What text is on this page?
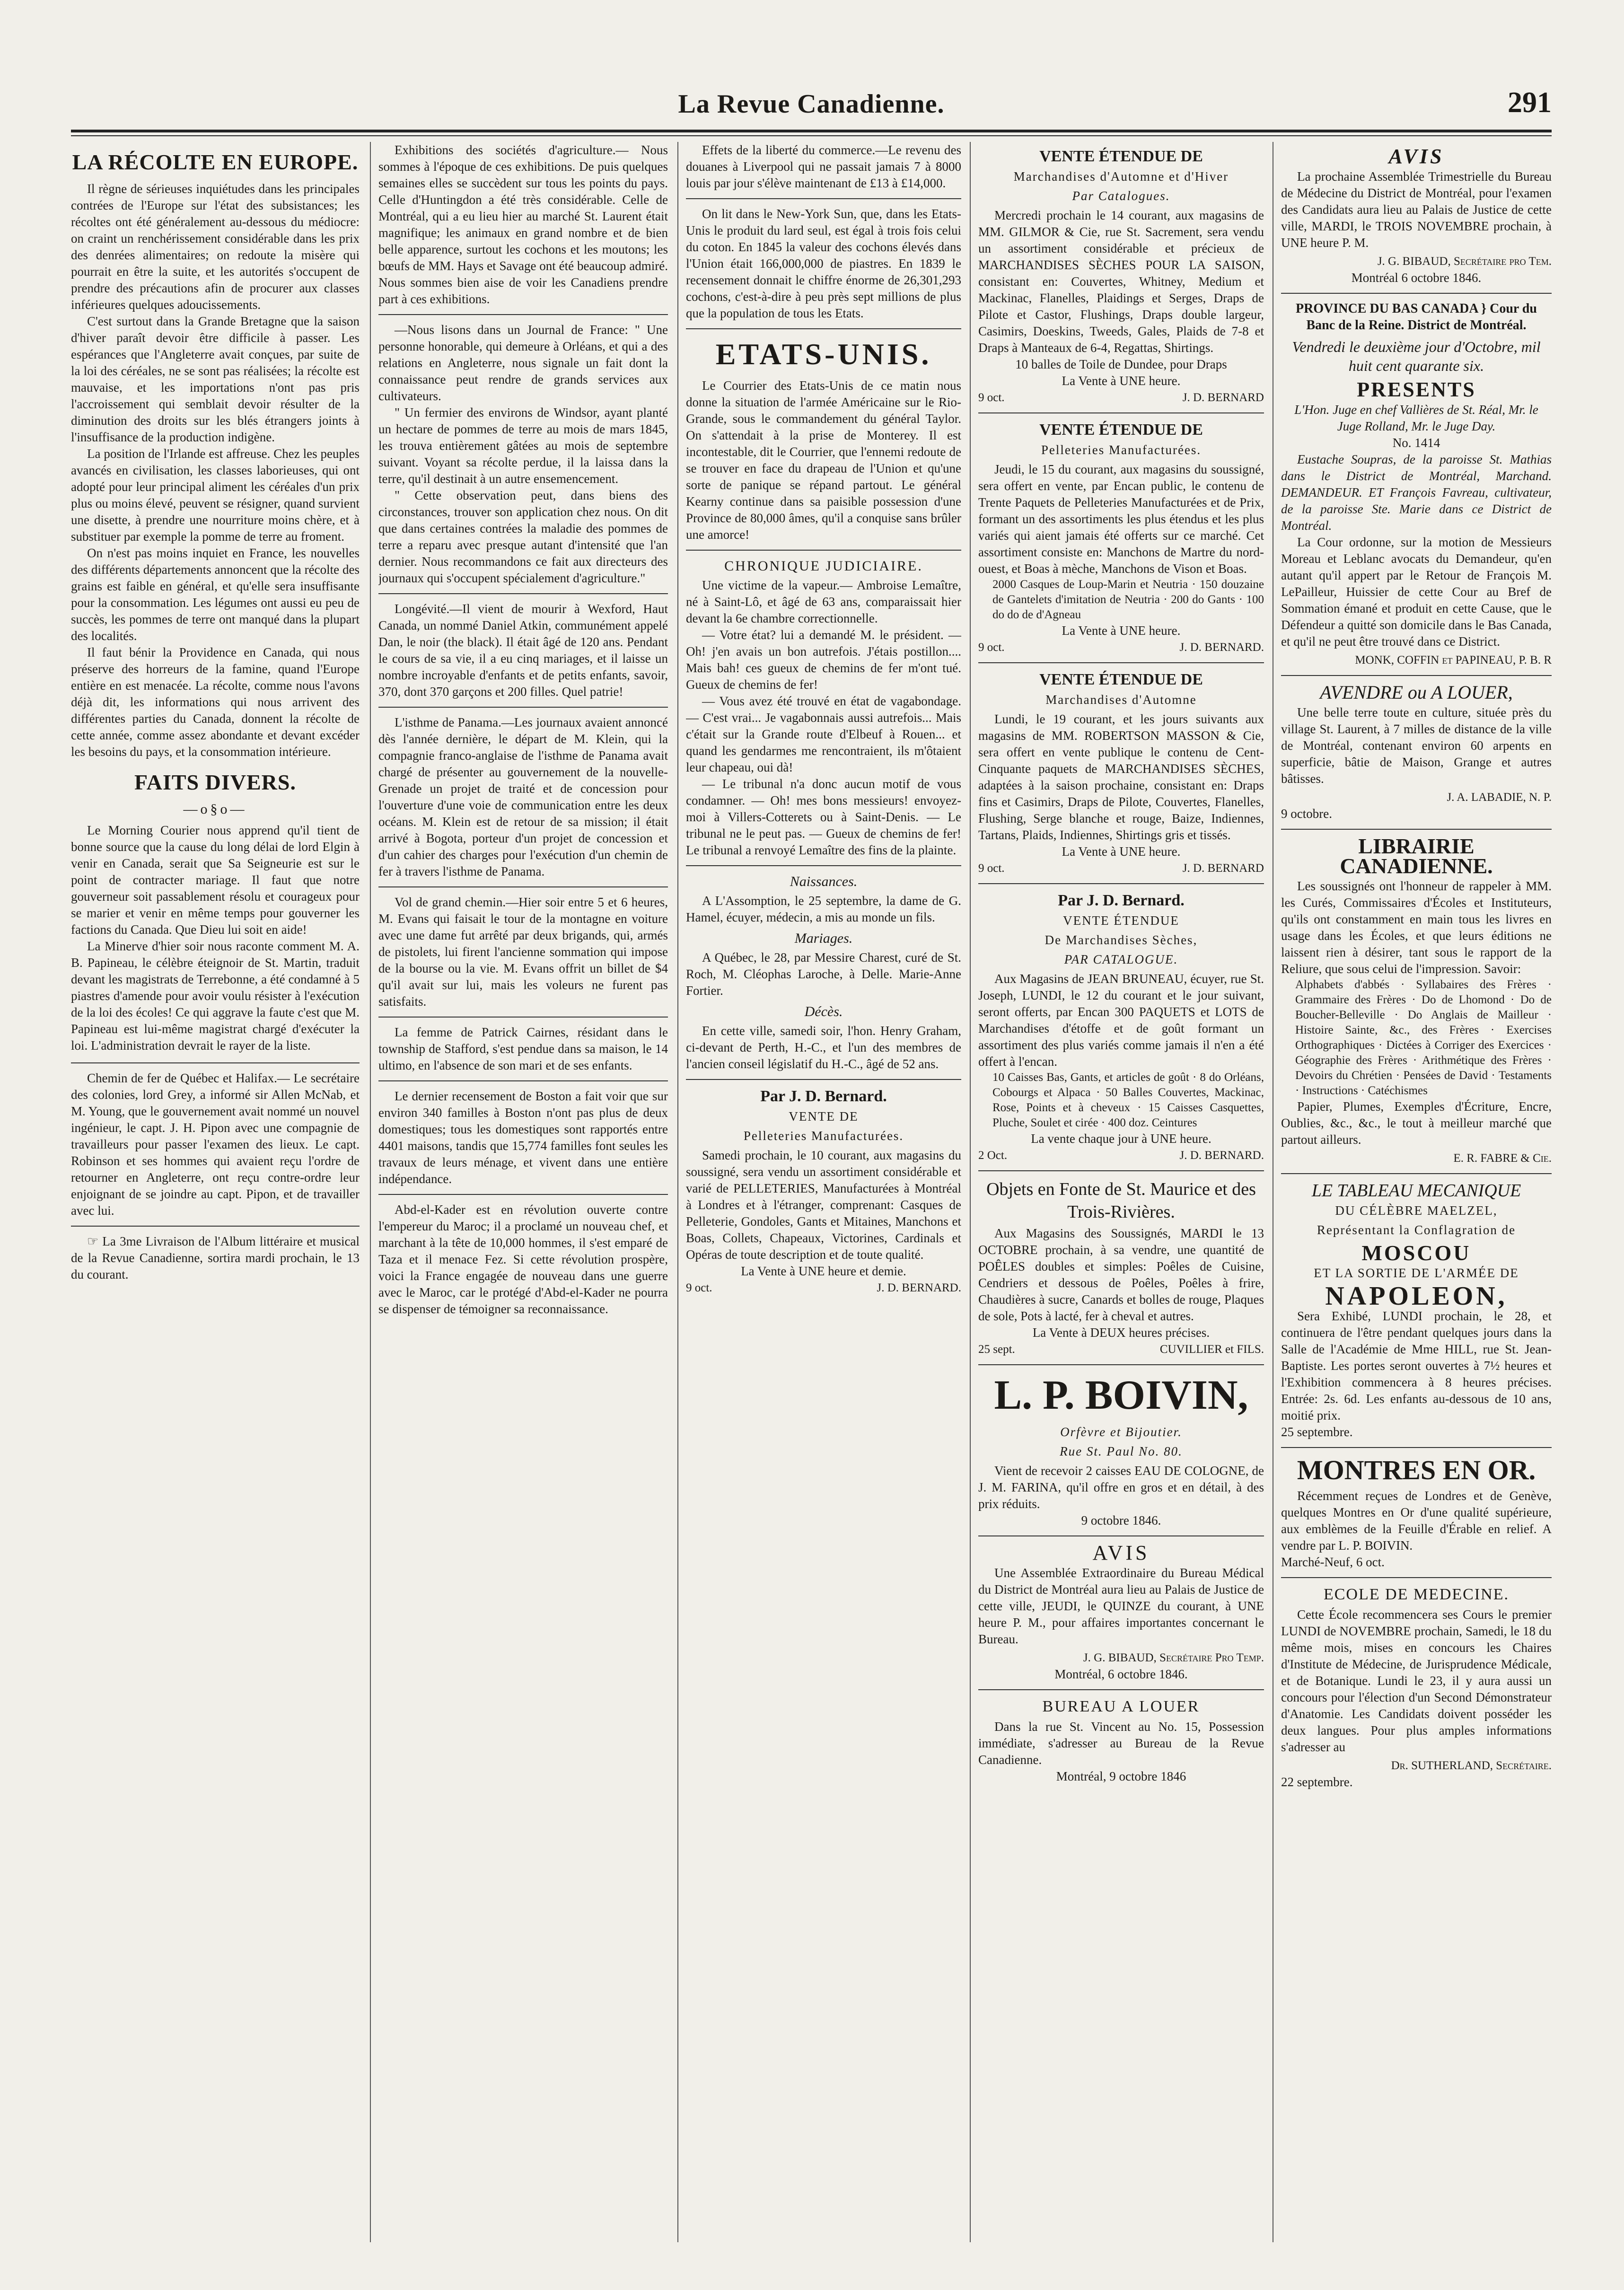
La Revue Canadienne.	291
LA RÉCOLTE EN EUROPE.

Il règne de sérieuses inquiétudes dans les principales contrées de l'Europe sur l'état des subsistances; les récoltes ont été généralement au-dessous du médiocre: on craint un renchérissement considérable dans les prix des denrées alimentaires; on redoute la misère qui pourrait en être la suite, et les autorités s'occupent de prendre des précautions afin de procurer aux classes inférieures quelques adoucissements.

C'est surtout dans la Grande Bretagne que la saison d'hiver paraît devoir être difficile à passer. Les espérances que l'Angleterre avait conçues, par suite de la loi des céréales, ne se sont pas réalisées; la récolte est mauvaise, et les importations n'ont pas pris l'accroissement qui semblait devoir résulter de la diminution des droits sur les blés étrangers joints à l'insuffisance de la production indigène.

La position de l'Irlande est affreuse. Chez les peuples avancés en civilisation, les classes laborieuses, qui ont adopté pour leur principal aliment les céréales d'un prix plus ou moins élevé, peuvent se résigner, quand survient une disette, à prendre une nourriture moins chère, et à substituer par exemple la pomme de terre au froment.

On n'est pas moins inquiet en France, les nouvelles des différents départements annoncent que la récolte des grains est faible en général, et qu'elle sera insuffisante pour la consommation. Les légumes ont aussi eu peu de succès, les pommes de terre ont manqué dans la plupart des localités.

Il faut bénir la Providence en Canada, qui nous préserve des horreurs de la famine, quand l'Europe entière en est menacée. La récolte, comme nous l'avons déjà dit, les informations qui nous arrivent des différentes parties du Canada, donnent la récolte de cette année, comme assez abondante et devant excéder les besoins du pays, et la consommation intérieure.

FAITS DIVERS.
—o§o—

Le Morning Courier nous apprend qu'il tient de bonne source que la cause du long délai de lord Elgin à venir en Canada, serait que Sa Seigneurie est sur le point de contracter mariage. Il faut que notre gouverneur soit passablement résolu et courageux pour se marier et venir en même temps pour gouverner les factions du Canada. Que Dieu lui soit en aide!

La Minerve d'hier soir nous raconte comment M. A. B. Papineau, le célèbre éteignoir de St. Martin, traduit devant les magistrats de Terrebonne, a été condamné à 5 piastres d'amende pour avoir voulu résister à l'exécution de la loi des écoles! Ce qui aggrave la faute c'est que M. Papineau est lui-même magistrat chargé d'exécuter la loi. L'administration devrait le rayer de la liste.

Chemin de fer de Québec et Halifax.— Le secrétaire des colonies, lord Grey, a informé sir Allen McNab, et M. Young, que le gouvernement avait nommé un nouvel ingénieur, le capt. J. H. Pipon avec une compagnie de travailleurs pour passer l'examen des lieux. Le capt. Robinson et ses hommes qui avaient reçu l'ordre de retourner en Angleterre, ont reçu contre-ordre leur enjoignant de se joindre au capt. Pipon, et de travailler avec lui.

☞ La 3me Livraison de l'Album littéraire et musical de la Revue Canadienne, sortira mardi prochain, le 13 du courant.

Exhibitions des sociétés d'agriculture.— Nous sommes à l'époque de ces exhibitions. De puis quelques semaines elles se succèdent sur tous les points du pays. Celle d'Huntingdon a été très considérable. Celle de Montréal, qui a eu lieu hier au marché St. Laurent était magnifique; les animaux en grand nombre et de bien belle apparence, surtout les cochons et les moutons; les bœufs de MM. Hays et Savage ont été beaucoup admiré. Nous sommes bien aise de voir les Canadiens prendre part à ces exhibitions.

—Nous lisons dans un Journal de France: " Une personne honorable, qui demeure à Orléans, et qui a des relations en Angleterre, nous signale un fait dont la connaissance peut rendre de grands services aux cultivateurs.

" Un fermier des environs de Windsor, ayant planté un hectare de pommes de terre au mois de mars 1845, les trouva entièrement gâtées au mois de septembre suivant. Voyant sa récolte perdue, il la laissa dans la terre, qu'il destinait à un autre ensemencement.

" Cette observation peut, dans biens des circonstances, trouver son application chez nous. On dit que dans certaines contrées la maladie des pommes de terre a reparu avec presque autant d'intensité que l'an dernier. Nous recommandons ce fait aux directeurs des journaux qui s'occupent spécialement d'agriculture."

Longévité.—Il vient de mourir à Wexford, Haut Canada, un nommé Daniel Atkin, communément appelé Dan, le noir (the black). Il était âgé de 120 ans. Pendant le cours de sa vie, il a eu cinq mariages, et il laisse un nombre incroyable d'enfants et de petits enfants, savoir, 370, dont 370 garçons et 200 filles. Quel patrie!

L'isthme de Panama.—Les journaux avaient annoncé dès l'année dernière, le départ de M. Klein, qui la compagnie franco-anglaise de l'isthme de Panama avait chargé de présenter au gouvernement de la nouvelle-Grenade un projet de traité et de concession pour l'ouverture d'une voie de communication entre les deux océans. M. Klein est de retour de sa mission; il était arrivé à Bogota, porteur d'un projet de concession et d'un cahier des charges pour l'exécution d'un chemin de fer à travers l'isthme de Panama.

Vol de grand chemin.—Hier soir entre 5 et 6 heures, M. Evans qui faisait le tour de la montagne en voiture avec une dame fut arrêté par deux brigands, qui, armés de pistolets, lui firent l'ancienne sommation qui impose de la bourse ou la vie. M. Evans offrit un billet de $4 qu'il avait sur lui, mais les voleurs ne furent pas satisfaits.

La femme de Patrick Cairnes, résidant dans le township de Stafford, s'est pendue dans sa maison, le 14 ultimo, en l'absence de son mari et de ses enfants.

Le dernier recensement de Boston a fait voir que sur environ 340 familles à Boston n'ont pas plus de deux domestiques; tous les domestiques sont rapportés entre 4401 maisons, tandis que 15,774 familles font seules les travaux de leurs ménage, et vivent dans une entière indépendance.

Abd-el-Kader est en révolution ouverte contre l'empereur du Maroc; il a proclamé un nouveau chef, et marchant à la tête de 10,000 hommes, il s'est emparé de Taza et il menace Fez. Si cette révolution prospère, voici la France engagée de nouveau dans une guerre avec le Maroc, car le protégé d'Abd-el-Kader ne pourra se dispenser de témoigner sa reconnaissance.

Effets de la liberté du commerce.—Le revenu des douanes à Liverpool qui ne passait jamais 7 à 8000 louis par jour s'élève maintenant de £13 à £14,000.

On lit dans le New-York Sun, que, dans les Etats-Unis le produit du lard seul, est égal à trois fois celui du coton. En 1845 la valeur des cochons élevés dans l'Union était 166,000,000 de piastres. En 1839 le recensement donnait le chiffre énorme de 26,301,293 cochons, c'est-à-dire à peu près sept millions de plus que la population de tous les Etats.

ETATS-UNIS.

Le Courrier des Etats-Unis de ce matin nous donne la situation de l'armée Américaine sur le Rio-Grande, sous le commandement du général Taylor. On s'attendait à la prise de Monterey. Il est incontestable, dit le Courrier, que l'ennemi redoute de se trouver en face du drapeau de l'Union et qu'une sorte de panique se répand partout. Le général Kearny continue dans sa paisible possession d'une Province de 80,000 âmes, qu'il a conquise sans brûler une amorce!

CHRONIQUE JUDICIAIRE.

Une victime de la vapeur.— Ambroise Lemaître, né à Saint-Lô, et âgé de 63 ans, comparaissait hier devant la 6e chambre correctionnelle.

— Votre état? lui a demandé M. le président. — Oh! j'en avais un bon autrefois. J'étais postillon.... Mais bah! ces gueux de chemins de fer m'ont tué. Gueux de chemins de fer!

— Vous avez été trouvé en état de vagabondage. — C'est vrai... Je vagabonnais aussi autrefois... Mais c'était sur la Grande route d'Elbeuf à Rouen... et quand les gendarmes me rencontraient, ils m'ôtaient leur chapeau, oui dà!

— Le tribunal n'a donc aucun motif de vous condamner. — Oh! mes bons messieurs! envoyez-moi à Villers-Cotterets ou à Saint-Denis. — Le tribunal ne le peut pas. — Gueux de chemins de fer! Le tribunal a renvoyé Lemaître des fins de la plainte.

Naissances.

A L'Assomption, le 25 septembre, la dame de G. Hamel, écuyer, médecin, a mis au monde un fils.

Mariages.

A Québec, le 28, par Messire Charest, curé de St. Roch, M. Cléophas Laroche, à Delle. Marie-Anne Fortier.

Décès.

En cette ville, samedi soir, l'hon. Henry Graham, ci-devant de Perth, H.-C., et l'un des membres de l'ancien conseil législatif du H.-C., âgé de 52 ans.

Par J. D. Bernard.
VENTE DE
Pelleteries Manufacturées.

Samedi prochain, le 10 courant, aux magasins du soussigné, sera vendu un assortiment considérable et varié de PELLETERIES, Manufacturées à Montréal à Londres et à l'étranger, comprenant: Casques de Pelleterie, Gondoles, Gants et Mitaines, Manchons et Boas, Collets, Chapeaux, Victorines, Cardinals et Opéras de toute description et de toute qualité.

La Vente à UNE heure et demie.
9 oct.	J. D. BERNARD.
VENTE ÉTENDUE DE
Marchandises d'Automne et d'Hiver
Par Catalogues.

Mercredi prochain le 14 courant, aux magasins de MM. GILMOR & Cie, rue St. Sacrement, sera vendu un assortiment considérable et précieux de MARCHANDISES SÈCHES POUR LA SAISON, consistant en: Couvertes, Whitney, Medium et Mackinac, Flanelles, Plaidings et Serges, Draps de Pilote et Castor, Flushings, Draps double largeur, Casimirs, Doeskins, Tweeds, Gales, Plaids de 7-8 et Draps à Manteaux de 6-4, Regattas, Shirtings.

10 balles de Toile de Dundee, pour Draps
La Vente à UNE heure.
9 oct.	J. D. BERNARD
VENTE ÉTENDUE DE
Pelleteries Manufacturées.

Jeudi, le 15 du courant, aux magasins du soussigné, sera offert en vente, par Encan public, le contenu de Trente Paquets de Pelleteries Manufacturées et de Prix, formant un des assortiments les plus étendus et les plus variés qui aient jamais été offerts sur ce marché. Cet assortiment consiste en: Manchons de Martre du nord-ouest, et Boas à mèche, Manchons de Vison et Boas.

2000 Casques de Loup-Marin et Neutria · 150 douzaine de Gantelets d'imitation de Neutria · 200 do Gants · 100 do do de d'Agneau
La Vente à UNE heure.
9 oct.	J. D. BERNARD.
VENTE ÉTENDUE DE
Marchandises d'Automne

Lundi, le 19 courant, et les jours suivants aux magasins de MM. ROBERTSON MASSON & Cie, sera offert en vente publique le contenu de Cent-Cinquante paquets de MARCHANDISES SÈCHES, adaptées à la saison prochaine, consistant en: Draps fins et Casimirs, Draps de Pilote, Couvertes, Flanelles, Flushing, Serge blanche et rouge, Baize, Indiennes, Tartans, Plaids, Indiennes, Shirtings gris et tissés.

La Vente à UNE heure.
9 oct.	J. D. BERNARD
Par J. D. Bernard.
VENTE ÉTENDUE
De Marchandises Sèches,
PAR CATALOGUE.

Aux Magasins de JEAN BRUNEAU, écuyer, rue St. Joseph, LUNDI, le 12 du courant et le jour suivant, seront offerts, par Encan 300 PAQUETS et LOTS de Marchandises d'étoffe et de goût formant un assortiment des plus variés comme jamais il n'en a été offert à l'encan.

10 Caisses Bas, Gants, et articles de goût · 8 do Orléans, Cobourgs et Alpaca · 50 Balles Couvertes, Mackinac, Rose, Points et à cheveux · 15 Caisses Casquettes, Pluche, Soulet et cirée · 400 doz. Ceintures
La vente chaque jour à UNE heure.
2 Oct.	J. D. BERNARD.
Objets en Fonte de St. Maurice et des Trois-Rivières.

Aux Magasins des Soussignés, MARDI le 13 OCTOBRE prochain, à sa vendre, une quantité de POÊLES doubles et simples: Poêles de Cuisine, Cendriers et dessous de Poêles, Poêles à frire, Chaudières à sucre, Canards et bolles de rouge, Plaques de sole, Pots à lacté, fer à cheval et autres.

La Vente à DEUX heures précises.
25 sept.	CUVILLIER et FILS.
L. P. BOIVIN,
Orfèvre et Bijoutier.
Rue St. Paul No. 80.

Vient de recevoir 2 caisses EAU DE COLOGNE, de J. M. FARINA, qu'il offre en gros et en détail, à des prix réduits.

9 octobre 1846.
AVIS

Une Assemblée Extraordinaire du Bureau Médical du District de Montréal aura lieu au Palais de Justice de cette ville, JEUDI, le QUINZE du courant, à UNE heure P. M., pour affaires importantes concernant le Bureau.

J. G. BIBAUD, Secrétaire Pro Temp.
Montréal, 6 octobre 1846.
BUREAU A LOUER

Dans la rue St. Vincent au No. 15, Possession immédiate, s'adresser au Bureau de la Revue Canadienne.

Montréal, 9 octobre 1846
AVIS

La prochaine Assemblée Trimestrielle du Bureau de Médecine du District de Montréal, pour l'examen des Candidats aura lieu au Palais de Justice de cette ville, MARDI, le TROIS NOVEMBRE prochain, à UNE heure P. M.

J. G. BIBAUD, Secrétaire pro Tem.
Montréal 6 octobre 1846.
PROVINCE DU BAS CANADA } Cour du Banc de la Reine. District de Montréal.
Vendredi le deuxième jour d'Octobre, mil huit cent quarante six.
PRESENTS
L'Hon. Juge en chef Vallières de St. Réal, Mr. le Juge Rolland, Mr. le Juge Day.
No. 1414

Eustache Soupras, de la paroisse St. Mathias dans le District de Montréal, Marchand. DEMANDEUR. ET François Favreau, cultivateur, de la paroisse Ste. Marie dans ce District de Montréal.

La Cour ordonne, sur la motion de Messieurs Moreau et Leblanc avocats du Demandeur, qu'en autant qu'il appert par le Retour de François M. LePailleur, Huissier de cette Cour au Bref de Sommation émané et produit en cette Cause, que le Défendeur a quitté son domicile dans le Bas Canada, et qu'il ne peut être trouvé dans ce District.

MONK, COFFIN et PAPINEAU, P. B. R
AVENDRE ou A LOUER,

Une belle terre toute en culture, située près du village St. Laurent, à 7 milles de distance de la ville de Montréal, contenant environ 60 arpents en superficie, bâtie de Maison, Grange et autres bâtisses.

J. A. LABADIE, N. P.
9 octobre.
LIBRAIRIE CANADIENNE.

Les soussignés ont l'honneur de rappeler à MM. les Curés, Commissaires d'Écoles et Instituteurs, qu'ils ont constamment en main tous les livres en usage dans les Écoles, et que leurs éditions ne laissent rien à désirer, tant sous le rapport de la Reliure, que sous celui de l'impression. Savoir:

Alphabets d'abbés · Syllabaires des Frères · Grammaire des Frères · Do de Lhomond · Do de Boucher-Belleville · Do Anglais de Mailleur · Histoire Sainte, &c., des Frères · Exercises Orthographiques · Dictées à Corriger des Exercices · Géographie des Frères · Arithmétique des Frères · Devoirs du Chrétien · Pensées de David · Testaments · Instructions · Catéchismes

Papier, Plumes, Exemples d'Écriture, Encre, Oublies, &c., &c., le tout à meilleur marché que partout ailleurs.

E. R. FABRE & Cie.
LE TABLEAU MECANIQUE
DU CÉLÈBRE MAELZEL,
Représentant la Conflagration de
MOSCOU
ET LA SORTIE DE L'ARMÉE DE
NAPOLEON,

Sera Exhibé, LUNDI prochain, le 28, et continuera de l'être pendant quelques jours dans la Salle de l'Académie de Mme HILL, rue St. Jean-Baptiste. Les portes seront ouvertes à 7½ heures et l'Exhibition commencera à 8 heures précises. Entrée: 2s. 6d. Les enfants au-dessous de 10 ans, moitié prix.

25 septembre.
MONTRES EN OR.

Récemment reçues de Londres et de Genève, quelques Montres en Or d'une qualité supérieure, aux emblèmes de la Feuille d'Érable en relief. A vendre par L. P. BOIVIN.

Marché-Neuf, 6 oct.
ECOLE DE MEDECINE.

Cette École recommencera ses Cours le premier LUNDI de NOVEMBRE prochain, Samedi, le 18 du même mois, mises en concours les Chaires d'Institute de Médecine, de Jurisprudence Médicale, et de Botanique. Lundi le 23, il y aura aussi un concours pour l'élection d'un Second Démonstrateur d'Anatomie. Les Candidats doivent posséder les deux langues. Pour plus amples informations s'adresser au

Dr. SUTHERLAND, Secrétaire.
22 septembre.
